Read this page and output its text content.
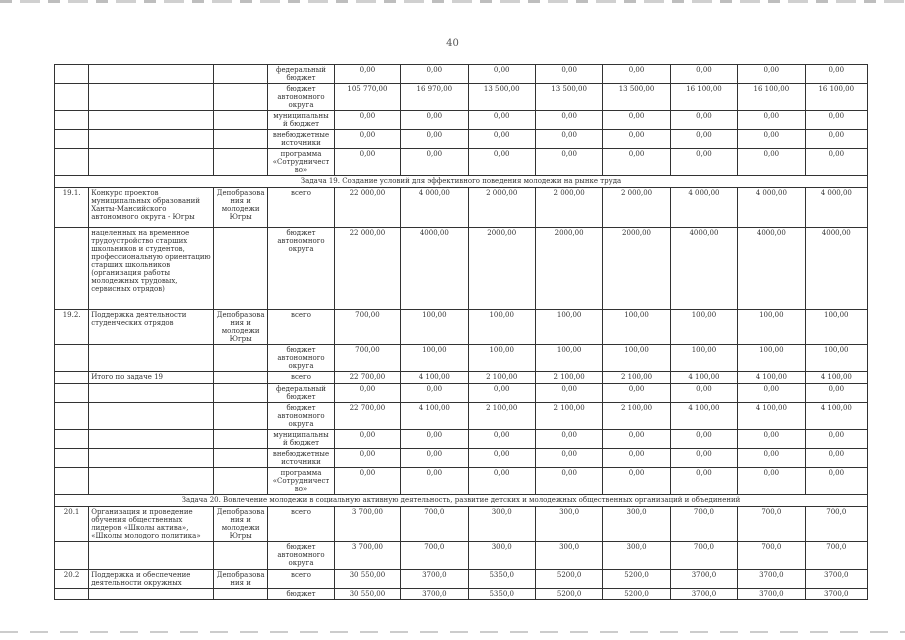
40
			федеральный бюджет	0,00	0,00	0,00	0,00	0,00	0,00	0,00	0,00
			бюджет автономного округа	105 770,00	16 970,00	13 500,00	13 500,00	13 500,00	16 100,00	16 100,00	16 100,00
			муниципальны й бюджет	0,00	0,00	0,00	0,00	0,00	0,00	0,00	0,00
			внебюджетные источники	0,00	0,00	0,00	0,00	0,00	0,00	0,00	0,00
			программа «Сотрудничест во»	0,00	0,00	0,00	0,00	0,00	0,00	0,00	0,00
Задача 19. Создание условий для эффективного поведения молодежи на рынке труда											
19.1.	Конкурс проектов муниципальных образований Ханты-Мансийского автономного округа - Югры	Депобразова ния и молодежи Югры	всего	22 000,00	4 000,00	2 000,00	2 000,00	2 000,00	4 000,00	4 000,00	4 000,00
	нацеленных на временное трудоустройство старших школьников и студентов, профессиональную ориентацию старших школьников (организация работы молодежных трудовых, сервисных отрядов)		бюджет автономного округа	22 000,00	4000,00	2000,00	2000,00	2000,00	4000,00	4000,00	4000,00
19.2.	Поддержка деятельности студенческих отрядов	Депобразова ния и молодежи Югры	всего	700,00	100,00	100,00	100,00	100,00	100,00	100,00	100,00
			бюджет автономного округа	700,00	100,00	100,00	100,00	100,00	100,00	100,00	100,00
	Итого по задаче 19		всего	22 700,00	4 100,00	2 100,00	2 100,00	2 100,00	4 100,00	4 100,00	4 100,00
			федеральный бюджет	0,00	0,00	0,00	0,00	0,00	0,00	0,00	0,00
			бюджет автономного округа	22 700,00	4 100,00	2 100,00	2 100,00	2 100,00	4 100,00	4 100,00	4 100,00
			муниципальны й бюджет	0,00	0,00	0,00	0,00	0,00	0,00	0,00	0,00
			внебюджетные источники	0,00	0,00	0,00	0,00	0,00	0,00	0,00	0,00
			программа «Сотрудничест во»	0,00	0,00	0,00	0,00	0,00	0,00	0,00	0,00
Задача 20. Вовлечение молодежи в социальную активную деятельность, развитие детских и молодежных общественных организаций и объединений											
20.1	Организация и проведение обучения общественных лидеров «Школы актива», «Школы молодого политика»	Депобразова ния и молодежи Югры	всего	3 700,00	700,0	300,0	300,0	300,0	700,0	700,0	700,0
			бюджет автономного округа	3 700,00	700,0	300,0	300,0	300,0	700,0	700,0	700,0
20.2	Поддержка и обеспечение деятельности окружных	Депобразова ния и	всего	30 550,00	3700,0	5350,0	5200,0	5200,0	3700,0	3700,0	3700,0
			бюджет	30 550,00	3700,0	5350,0	5200,0	5200,0	3700,0	3700,0	3700,0
